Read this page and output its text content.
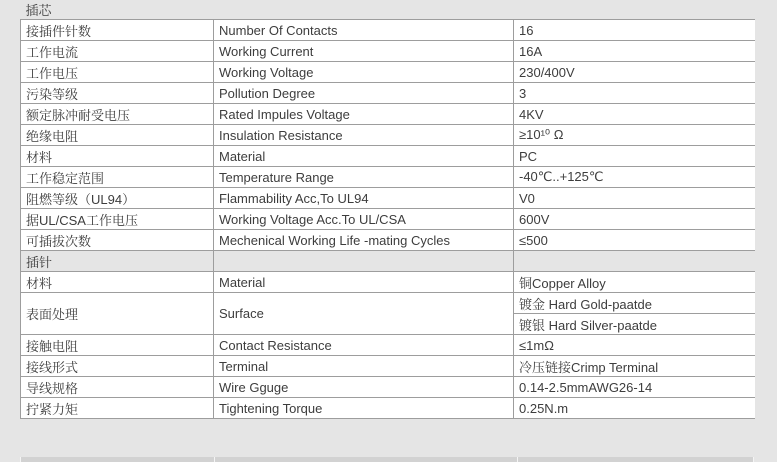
插芯		
接插件针数	Number Of Contacts	16
工作电流	Working Current	16A
工作电压	Working Voltage	230/400V
污染等级	Pollution Degree	3
额定脉冲耐受电压	Rated Impules Voltage	4KV
绝缘电阻	Insulation Resistance	≥10¹⁰ Ω
材料	Material	PC
工作稳定范围	Temperature Range	-40℃..+125℃
阻燃等级（UL94）	Flammability Acc,To UL94	V0
据UL/CSA工作电压	Working Voltage Acc.To UL/CSA	600V
可插拔次数	Mechenical Working Life -mating Cycles	≤500
插针		
材料	Material	铜Copper Alloy
表面处理	Surface	镀金 Hard Gold-paatde
		镀银 Hard Silver-paatde
接触电阻	Contact Resistance	≤1mΩ
接线形式	Terminal	冷压链接Crimp Terminal
导线规格	Wire Gguge	0.14-2.5mmAWG26-14
拧紧力矩	Tightening Torque	0.25N.m
